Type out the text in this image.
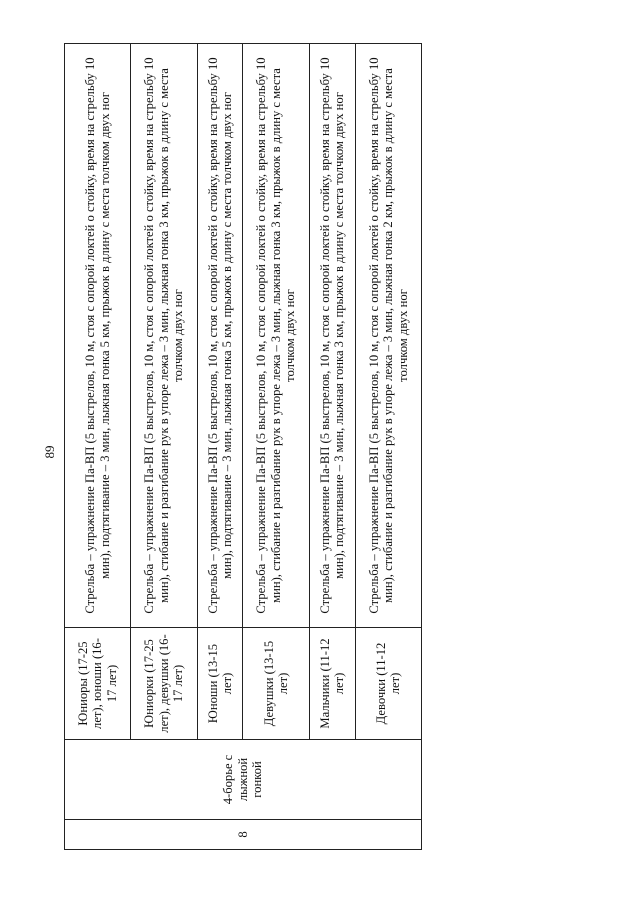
89
8	4-борье с лыжной гонкой	Юниоры (17-25 лет), юноши (16-17 лет)	Стрельба – упражнение Па-ВП (5 выстрелов, 10 м, стоя с опорой локтей о стойку, время на стрельбу 10 мин), подтягивание – 3 мин, лыжная гонка 5 км, прыжок в длину с места толчком двух ног
		Юниорки (17-25 лет), девушки (16-17 лет)	Стрельба – упражнение Па-ВП (5 выстрелов, 10 м, стоя с опорой локтей о стойку, время на стрельбу 10 мин), стибание и разгибание рук в упоре лежа – 3 мин, лыжная гонка 3 км, прыжок в длину с места толчком двух ног
		Юноши (13-15 лет)	Стрельба – упражнение Па-ВП (5 выстрелов, 10 м, стоя с опорой локтей о стойку, время на стрельбу 10 мин), подтягивание – 3 мин, лыжная гонка 5 км, прыжок в длину с места толчком двух ног
		Девушки (13-15 лет)	Стрельба – упражнение Па-ВП (5 выстрелов, 10 м, стоя с опорой локтей о стойку, время на стрельбу 10 мин), стибание и разгибание рук в упоре лежа – 3 мин, лыжная гонка 3 км, прыжок в длину с места толчком двух ног
		Мальчики (11-12 лет)	Стрельба – упражнение Па-ВП (5 выстрелов, 10 м, стоя с опорой локтей о стойку, время на стрельбу 10 мин), подтягивание – 3 мин, лыжная гонка 3 км, прыжок в длину с места толчком двух ног
		Девочки (11-12 лет)	Стрельба – упражнение Па-ВП (5 выстрелов, 10 м, стоя с опорой локтей о стойку, время на стрельбу 10 мин), стибание и разгибание рук в упоре лежа – 3 мин, лыжная гонка 2 км, прыжок в длину с места толчком двух ног
